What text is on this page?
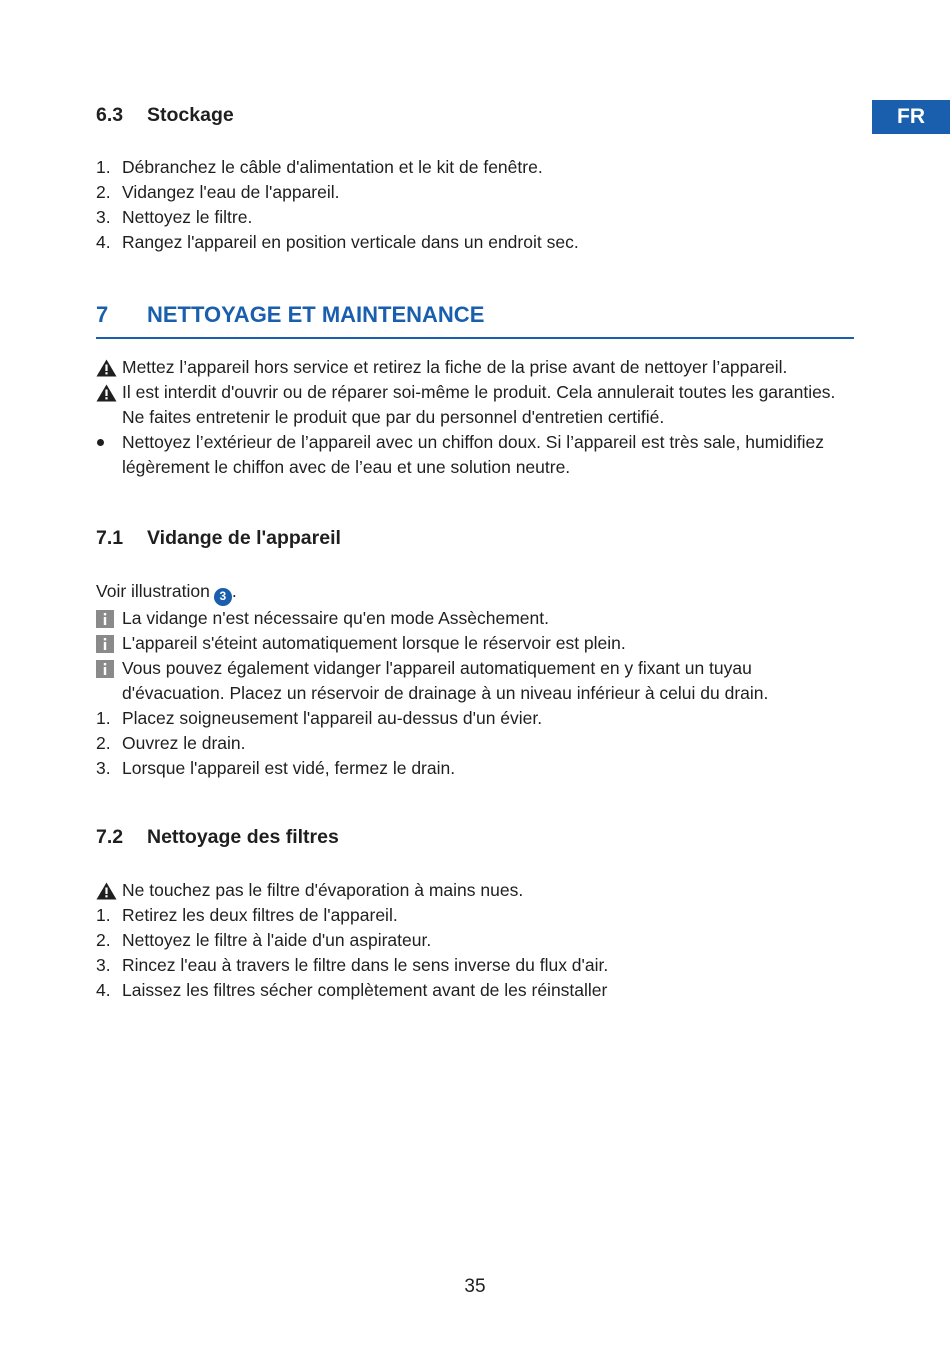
FR
6.3 Stockage
1. Débranchez le câble d'alimentation et le kit de fenêtre.
2. Vidangez l'eau de l'appareil.
3. Nettoyez le filtre.
4. Rangez l'appareil en position verticale dans un endroit sec.
7 NETTOYAGE ET MAINTENANCE
Mettez l’appareil hors service et retirez la fiche de la prise avant de nettoyer l’appareil.
Il est interdit d'ouvrir ou de réparer soi-même le produit. Cela annulerait toutes les garanties. Ne faites entretenir le produit que par du personnel d'entretien certifié.
Nettoyez l’extérieur de l’appareil avec un chiffon doux. Si l’appareil est très sale, humidifiez légèrement le chiffon avec de l’eau et une solution neutre.
7.1 Vidange de l'appareil
Voir illustration 3 .
La vidange n'est nécessaire qu'en mode Assèchement.
L'appareil s'éteint automatiquement lorsque le réservoir est plein.
Vous pouvez également vidanger l'appareil automatiquement en y fixant un tuyau d'évacuation. Placez un réservoir de drainage à un niveau inférieur à celui du drain.
1. Placez soigneusement l'appareil au-dessus d'un évier.
2. Ouvrez le drain.
3. Lorsque l'appareil est vidé, fermez le drain.
7.2 Nettoyage des filtres
Ne touchez pas le filtre d'évaporation à mains nues.
1. Retirez les deux filtres de l'appareil.
2. Nettoyez le filtre à l'aide d'un aspirateur.
3. Rincez l'eau à travers le filtre dans le sens inverse du flux d'air.
4. Laissez les filtres sécher complètement avant de les réinstaller
35
